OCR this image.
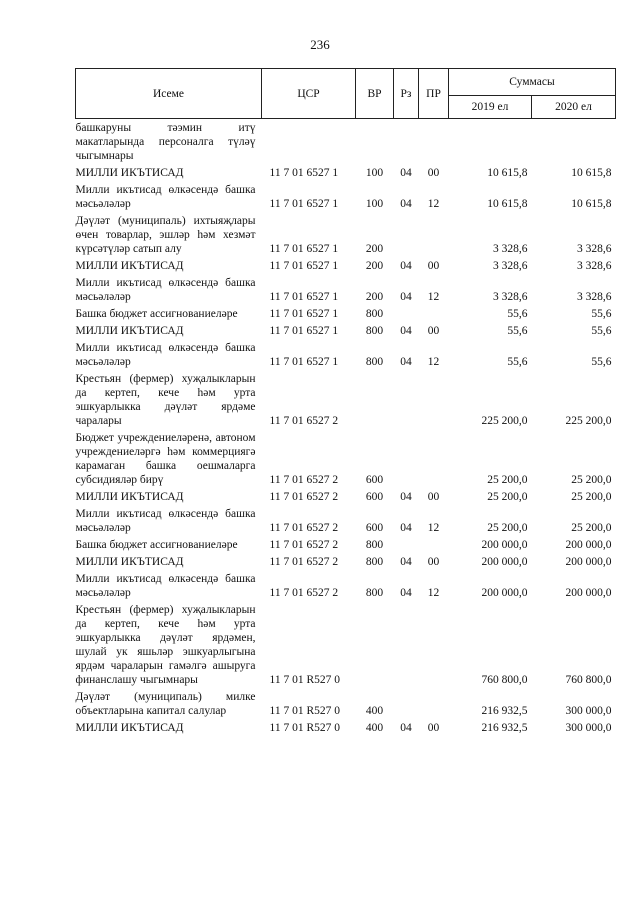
236
Исеме	ЦСР	ВР	Рз	ПР	Суммасы	
					2019 ел	2020 ел
башкаруны тәэмин итү макатларында персоналга түләү чыгымнары						
МИЛЛИ ИКЪТИСАД	11 7 01 6527 1	100	04	00	10 615,8	10 615,8
Милли икътисад өлкәсендә башка мәсьәләләр	11 7 01 6527 1	100	04	12	10 615,8	10 615,8
Дәүләт (муниципаль) ихтыяҗлары өчен товарлар, эшләр һәм хезмәт күрсәтүләр сатып алу	11 7 01 6527 1	200			3 328,6	3 328,6
МИЛЛИ ИКЪТИСАД	11 7 01 6527 1	200	04	00	3 328,6	3 328,6
Милли икътисад өлкәсендә башка мәсьәләләр	11 7 01 6527 1	200	04	12	3 328,6	3 328,6
Башка бюджет ассигнованиеләре	11 7 01 6527 1	800			55,6	55,6
МИЛЛИ ИКЪТИСАД	11 7 01 6527 1	800	04	00	55,6	55,6
Милли икътисад өлкәсендә башка мәсьәләләр	11 7 01 6527 1	800	04	12	55,6	55,6
Крестьян (фермер) хуҗалыкларын да кертеп, кече һәм урта эшкуарлыкка дәүләт ярдәме чаралары	11 7 01 6527 2				225 200,0	225 200,0
Бюджет учреждениеләренә, автоном учреждениеләргә һәм коммерциягә карамаган башка оешмаларга субсидияләр бирү	11 7 01 6527 2	600			25 200,0	25 200,0
МИЛЛИ ИКЪТИСАД	11 7 01 6527 2	600	04	00	25 200,0	25 200,0
Милли икътисад өлкәсендә башка мәсьәләләр	11 7 01 6527 2	600	04	12	25 200,0	25 200,0
Башка бюджет ассигнованиеләре	11 7 01 6527 2	800			200 000,0	200 000,0
МИЛЛИ ИКЪТИСАД	11 7 01 6527 2	800	04	00	200 000,0	200 000,0
Милли икътисад өлкәсендә башка мәсьәләләр	11 7 01 6527 2	800	04	12	200 000,0	200 000,0
Крестьян (фермер) хуҗалыкларын да кертеп, кече һәм урта эшкуарлыкка дәүләт ярдәмен, шулай ук яшьләр эшкуарлыгына ярдәм чараларын гамәлгә ашыруга финанслашу чыгымнары	11 7 01 R527 0				760 800,0	760 800,0
Дәүләт (муниципаль) милке объектларына капитал салулар	11 7 01 R527 0	400			216 932,5	300 000,0
МИЛЛИ ИКЪТИСАД	11 7 01 R527 0	400	04	00	216 932,5	300 000,0
